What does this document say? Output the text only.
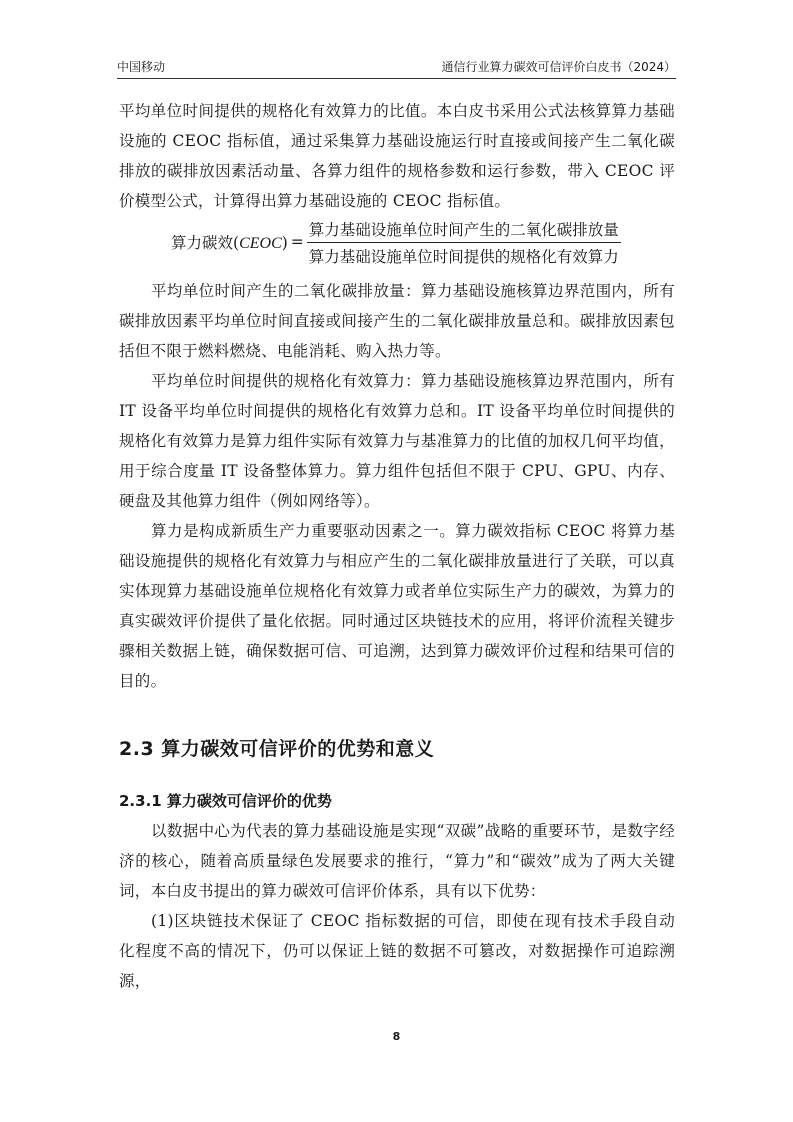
中国移动	通信行业算力碳效可信评价白皮书（2024）

平均单位时间提供的规格化有效算力的比值。本白皮书采用公式法核算算力基础设施的 CEOC 指标值，通过采集算力基础设施运行时直接或间接产生二氧化碳排放的碳排放因素活动量、各算力组件的规格参数和运行参数，带入 CEOC 评价模型公式，计算得出算力基础设施的 CEOC 指标值。

算力碳效(CEOC) = $\frac{\text{算力基础设施单位时间产生的二氧化碳排放量}}{\text{算力基础设施单位时间提供的规格化有效算力}}$

平均单位时间产生的二氧化碳排放量：算力基础设施核算边界范围内，所有碳排放因素平均单位时间直接或间接产生的二氧化碳排放量总和。碳排放因素包括但不限于燃料燃烧、电能消耗、购入热力等。

平均单位时间提供的规格化有效算力：算力基础设施核算边界范围内，所有 IT 设备平均单位时间提供的规格化有效算力总和。IT 设备平均单位时间提供的规格化有效算力是算力组件实际有效算力与基准算力的比值的加权几何平均值，用于综合度量 IT 设备整体算力。算力组件包括但不限于 CPU、GPU、内存、硬盘及其他算力组件（例如网络等）。

算力是构成新质生产力重要驱动因素之一。算力碳效指标 CEOC 将算力基础设施提供的规格化有效算力与相应产生的二氧化碳排放量进行了关联，可以真实体现算力基础设施单位规格化有效算力或者单位实际生产力的碳效，为算力的真实碳效评价提供了量化依据。同时通过区块链技术的应用，将评价流程关键步骤相关数据上链，确保数据可信、可追溯，达到算力碳效评价过程和结果可信的目的。

2.3 算力碳效可信评价的优势和意义
2.3.1 算力碳效可信评价的优势

以数据中心为代表的算力基础设施是实现“双碳”战略的重要环节，是数字经济的核心，随着高质量绿色发展要求的推行，“算力”和“碳效”成为了两大关键词，本白皮书提出的算力碳效可信评价体系，具有以下优势：

(1)区块链技术保证了 CEOC 指标数据的可信，即使在现有技术手段自动化程度不高的情况下，仍可以保证上链的数据不可篡改，对数据操作可追踪溯源，

8
